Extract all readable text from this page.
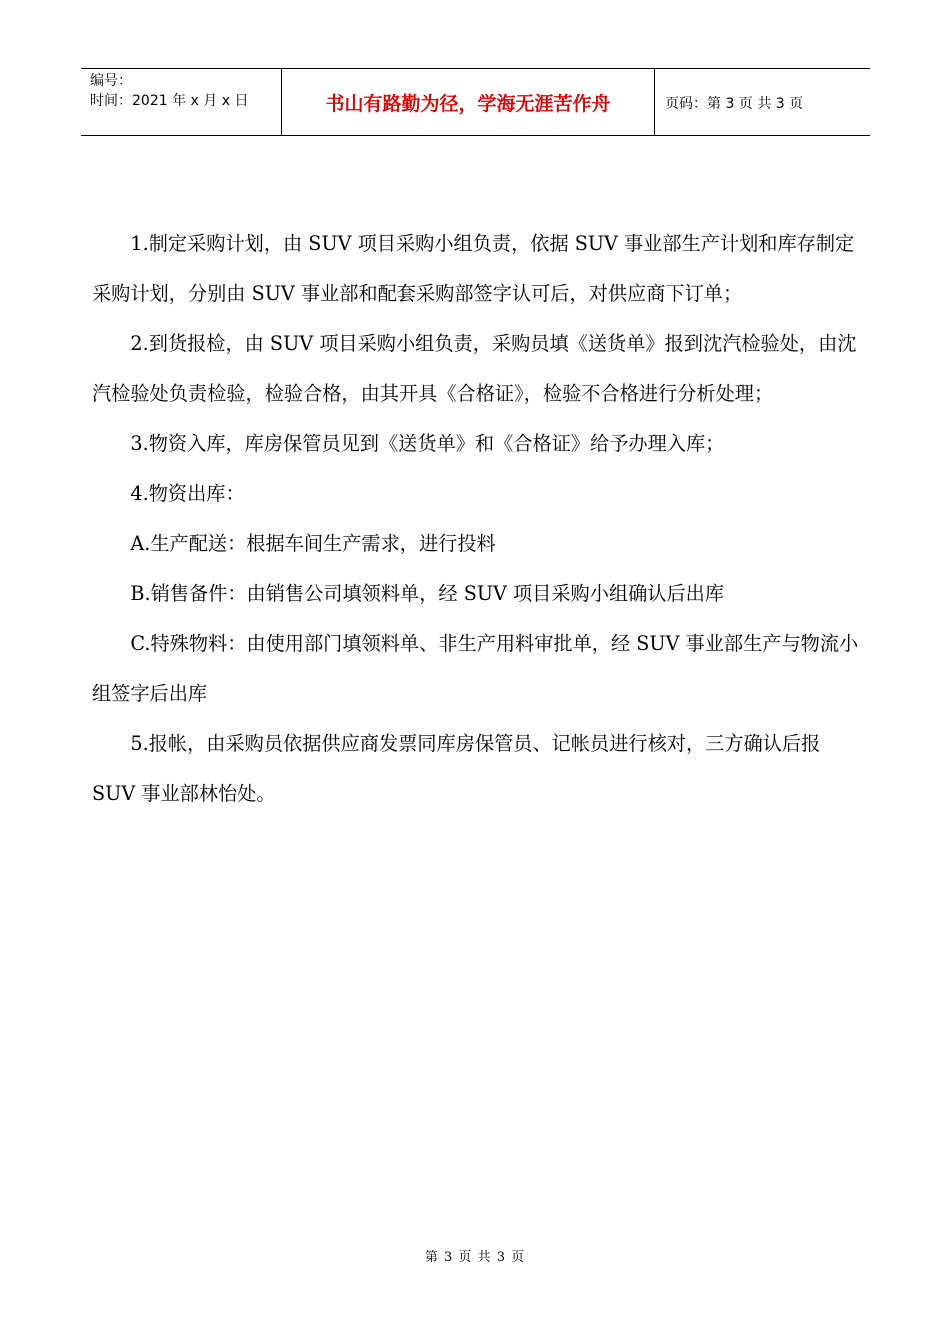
编号：
时间：2021 年 x 月 x 日	书山有路勤为径，学海无涯苦作舟	页码：第 3 页 共 3 页

1.制定采购计划，由 SUV 项目采购小组负责，依据 SUV 事业部生产计划和库存制定采购计划，分别由 SUV 事业部和配套采购部签字认可后，对供应商下订单；

2.到货报检，由 SUV 项目采购小组负责，采购员填《送货单》报到沈汽检验处，由沈汽检验处负责检验，检验合格，由其开具《合格证》，检验不合格进行分析处理；

3.物资入库，库房保管员见到《送货单》和《合格证》给予办理入库；

4.物资出库：

A.生产配送：根据车间生产需求，进行投料

B.销售备件：由销售公司填领料单，经 SUV 项目采购小组确认后出库

C.特殊物料：由使用部门填领料单、非生产用料审批单，经 SUV 事业部生产与物流小组签字后出库

5.报帐，由采购员依据供应商发票同库房保管员、记帐员进行核对，三方确认后报 SUV 事业部林怡处。

第 3 页 共 3 页
